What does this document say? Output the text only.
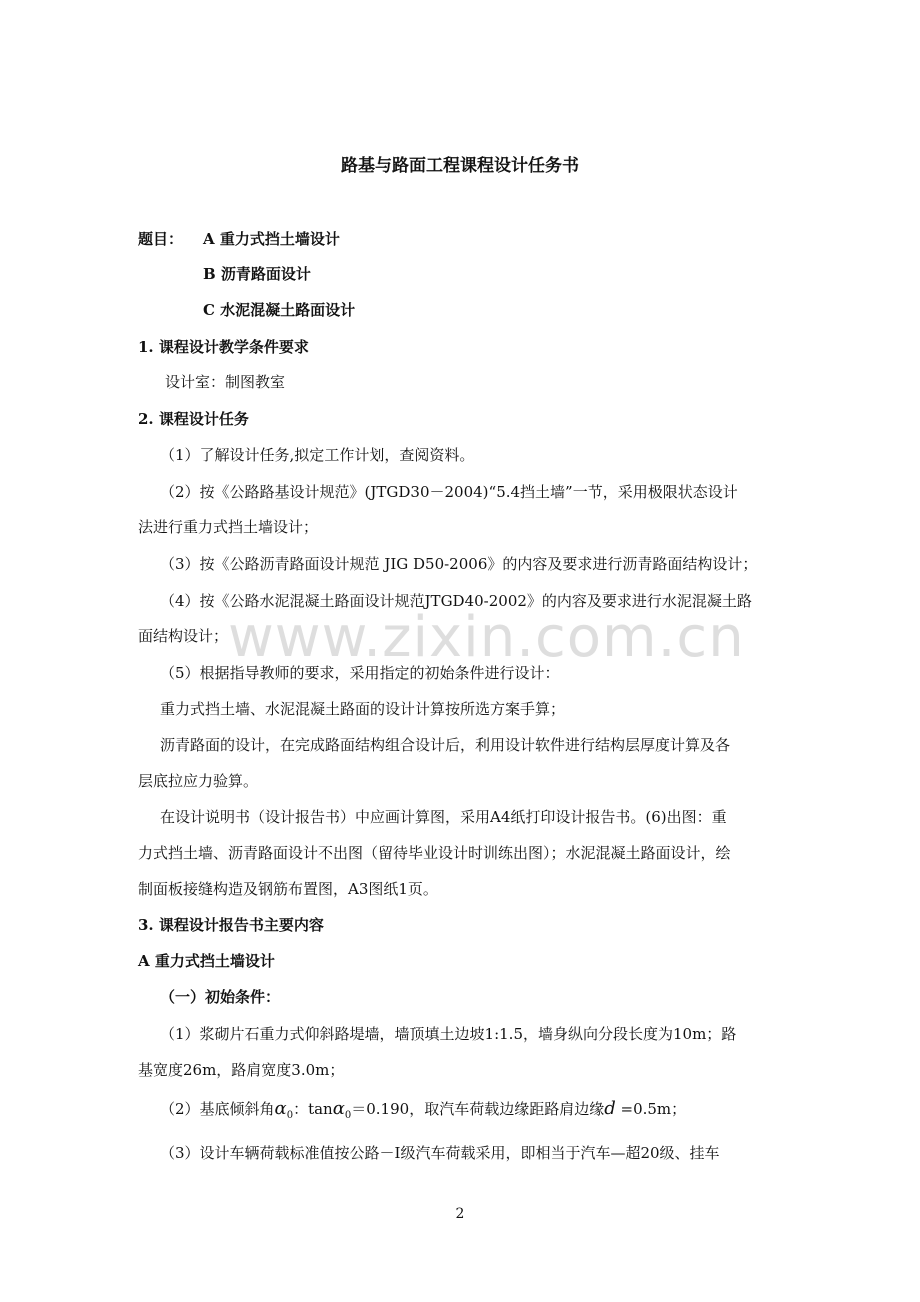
路基与路面工程课程设计任务书
题目： A 重力式挡土墙设计
B 沥青路面设计
C 水泥混凝土路面设计
1. 课程设计教学条件要求
设计室：制图教室
2. 课程设计任务
（1）了解设计任务,拟定工作计划，查阅资料。
（2）按《公路路基设计规范》(JTGD30－2004)“5.4挡土墙”一节，采用极限状态设计
法进行重力式挡土墙设计；
（3）按《公路沥青路面设计规范 JIG D50-2006》的内容及要求进行沥青路面结构设计；
（4）按《公路水泥混凝土路面设计规范JTGD40-2002》的内容及要求进行水泥混凝土路
面结构设计； www.zixin.com.cn
（5）根据指导教师的要求，采用指定的初始条件进行设计：
重力式挡土墙、水泥混凝土路面的设计计算按所选方案手算；
沥青路面的设计，在完成路面结构组合设计后，利用设计软件进行结构层厚度计算及各
层底拉应力验算。
在设计说明书（设计报告书）中应画计算图，采用A4纸打印设计报告书。(6)出图：重
力式挡土墙、沥青路面设计不出图（留待毕业设计时训练出图）；水泥混凝土路面设计，绘
制面板接缝构造及钢筋布置图，A3图纸1页。
3. 课程设计报告书主要内容
A 重力式挡土墙设计
（一）初始条件：
（1）浆砌片石重力式仰斜路堤墙，墙顶填土边坡1:1.5，墙身纵向分段长度为10m；路
基宽度26m，路肩宽度3.0m；
（2）基底倾斜角$\alpha_0$：tanα$_0$＝0.190，取汽车荷载边缘距路肩边缘d =0.5m；
（3）设计车辆荷载标准值按公路－I级汽车荷载采用，即相当于汽车—超20级、挂车
2
